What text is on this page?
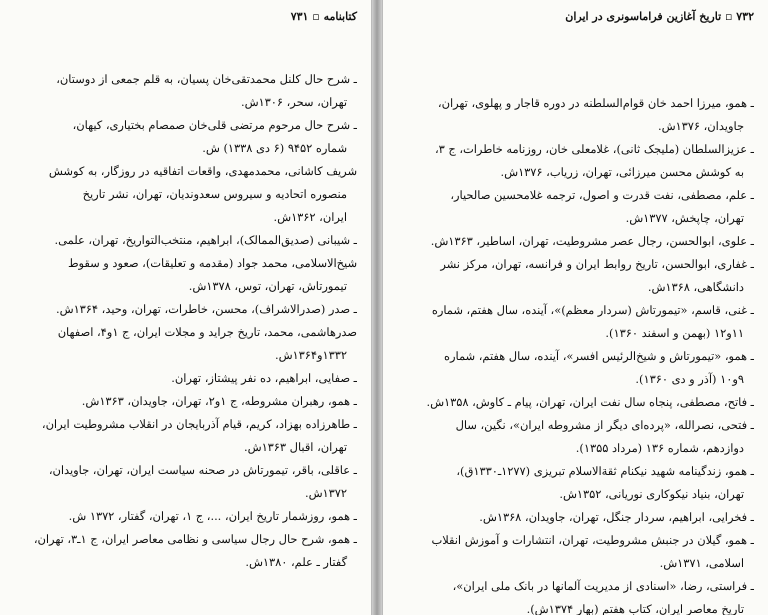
کتابنامه ▫ ۷۳۱
ـ شرح حال کلنل محمدتقی‌خان پسیان، به قلم جمعی از دوستان،
تهران، سحر، ۱۳۰۶ش.
ـ شرح حال مرحوم مرتضی قلی‌خان صمصام بختیاری، کیهان،
شماره ۹۴۵۲ (۶ دی ۱۳۳۸) ش.
شریف کاشانی، محمدمهدی، واقعات اتفاقیه در روزگار، به کوشش
منصوره اتحادیه و سیروس سعدوندیان، تهران، نشر تاریخ
ایران، ۱۳۶۲ش.
ـ شیبانی (صدیق‌الممالک)، ابراهیم، منتخب‌التواریخ، تهران، علمی.
شیخ‌الاسلامی، محمد جواد (مقدمه و تعلیقات)، صعود و سقوط
تیمورتاش، تهران، توس، ۱۳۷۸ش.
ـ صدر (صدرالاشراف)، محسن، خاطرات، تهران، وحید، ۱۳۶۴ش.
صدرهاشمی، محمد، تاریخ جراید و مجلات ایران، ج ۱و۴، اصفهان
۱۳۳۲و۱۳۶۴ش.
ـ صفایی، ابراهیم، ده نفر پیشتاز، تهران.
ـ همو، رهبران مشروطه، ج ۱و۲، تهران، جاویدان، ۱۳۶۳ش.
ـ طاهرزاده بهزاد، کریم، قیام آذربایجان در انقلاب مشروطیت ایران،
تهران، اقبال ۱۳۶۳ش.
ـ عاقلی، باقر، تیمورتاش در صحنه سیاست ایران، تهران، جاویدان،
۱۳۷۲ش.
ـ همو، روزشمار تاریخ ایران، ...، ج ۱، تهران، گفتار، ۱۳۷۲ ش.
ـ همو، شرح حال رجال سیاسی و نظامی معاصر ایران، ج ۱ـ۳، تهران،
گفتار ـ علم، ۱۳۸۰ش.
۷۳۲ ▫ تاریخ آغازین فراماسونری در ایران
ـ همو، میرزا احمد خان قوام‌السلطنه در دوره قاجار و پهلوی، تهران،
جاویدان، ۱۳۷۶ش.
ـ عزیزالسلطان (ملیجک ثانی)، غلامعلی خان، روزنامه خاطرات، ج ۳،
به کوشش محسن میرزائی، تهران، زریاب، ۱۳۷۶ش.
ـ علم، مصطفی، نفت قدرت و اصول، ترجمه غلامحسین صالحیار،
تهران، چاپخش، ۱۳۷۷ش.
ـ علوی، ابوالحسن، رجال عصر مشروطیت، تهران، اساطیر، ۱۳۶۳ش.
ـ غفاری، ابوالحسن، تاریخ روابط ایران و فرانسه، تهران، مرکز نشر
دانشگاهی، ۱۳۶۸ش.
ـ غنی، قاسم، «تیمورتاش (سردار معظم)»، آینده، سال هفتم، شماره
۱۱و۱۲ (بهمن و اسفند ۱۳۶۰).
ـ همو، «تیمورتاش و شیخ‌الرئیس افسر»، آینده، سال هفتم، شماره
۹و۱۰ (آذر و دی ۱۳۶۰).
ـ فاتح، مصطفی، پنجاه سال نفت ایران، تهران، پیام ـ کاوش، ۱۳۵۸ش.
ـ فتحی، نصرالله، «پرده‌ای دیگر از مشروطه ایران»، نگین، سال
دوازدهم، شماره ۱۳۶ (مرداد ۱۳۵۵).
ـ همو، زندگینامه شهید نیکنام ثقةالاسلام تبریزی (۱۲۷۷ـ۱۳۳۰ق)،
تهران، بنیاد نیکوکاری نوریانی، ۱۳۵۲ش.
ـ فخرایی، ابراهیم، سردار جنگل، تهران، جاویدان، ۱۳۶۸ش.
ـ همو، گیلان در جنبش مشروطیت، تهران، انتشارات و آموزش انقلاب
اسلامی، ۱۳۷۱ش.
ـ فراستی، رضا، «اسنادی از مدیریت آلمانها در بانک ملی ایران»،
تاریخ معاصر ایران، کتاب هفتم (بهار ۱۳۷۴ش).
